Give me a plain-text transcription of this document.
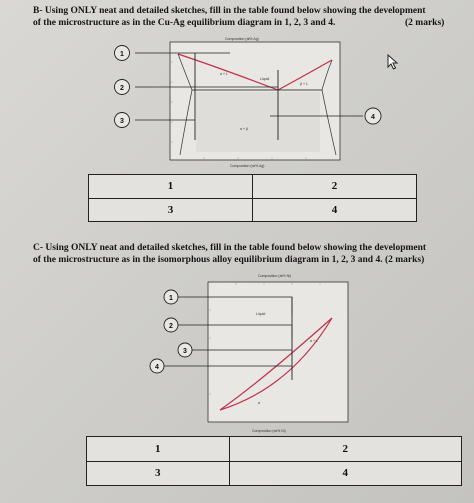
B- Using ONLY neat and detailed sketches, fill in the table found below showing the development
of the microstructure as in the Cu-Ag equilibrium diagram in 1, 2, 3 and 4.	(2 marks)
Composition (at% Ag)
Liquid
α + L
β + L
α + β
Composition (wt% Ag)
1
2
3
4
1	2
3	4
C- Using ONLY neat and detailed sketches, fill in the table found below showing the development
of the microstructure as in the isomorphous alloy equilibrium diagram in 1, 2, 3 and 4. (2 marks)
Composition (at% Ni)
Liquid
α + L
α
Composition (wt% Ni)
1
2
3
4
1	2
3	4
